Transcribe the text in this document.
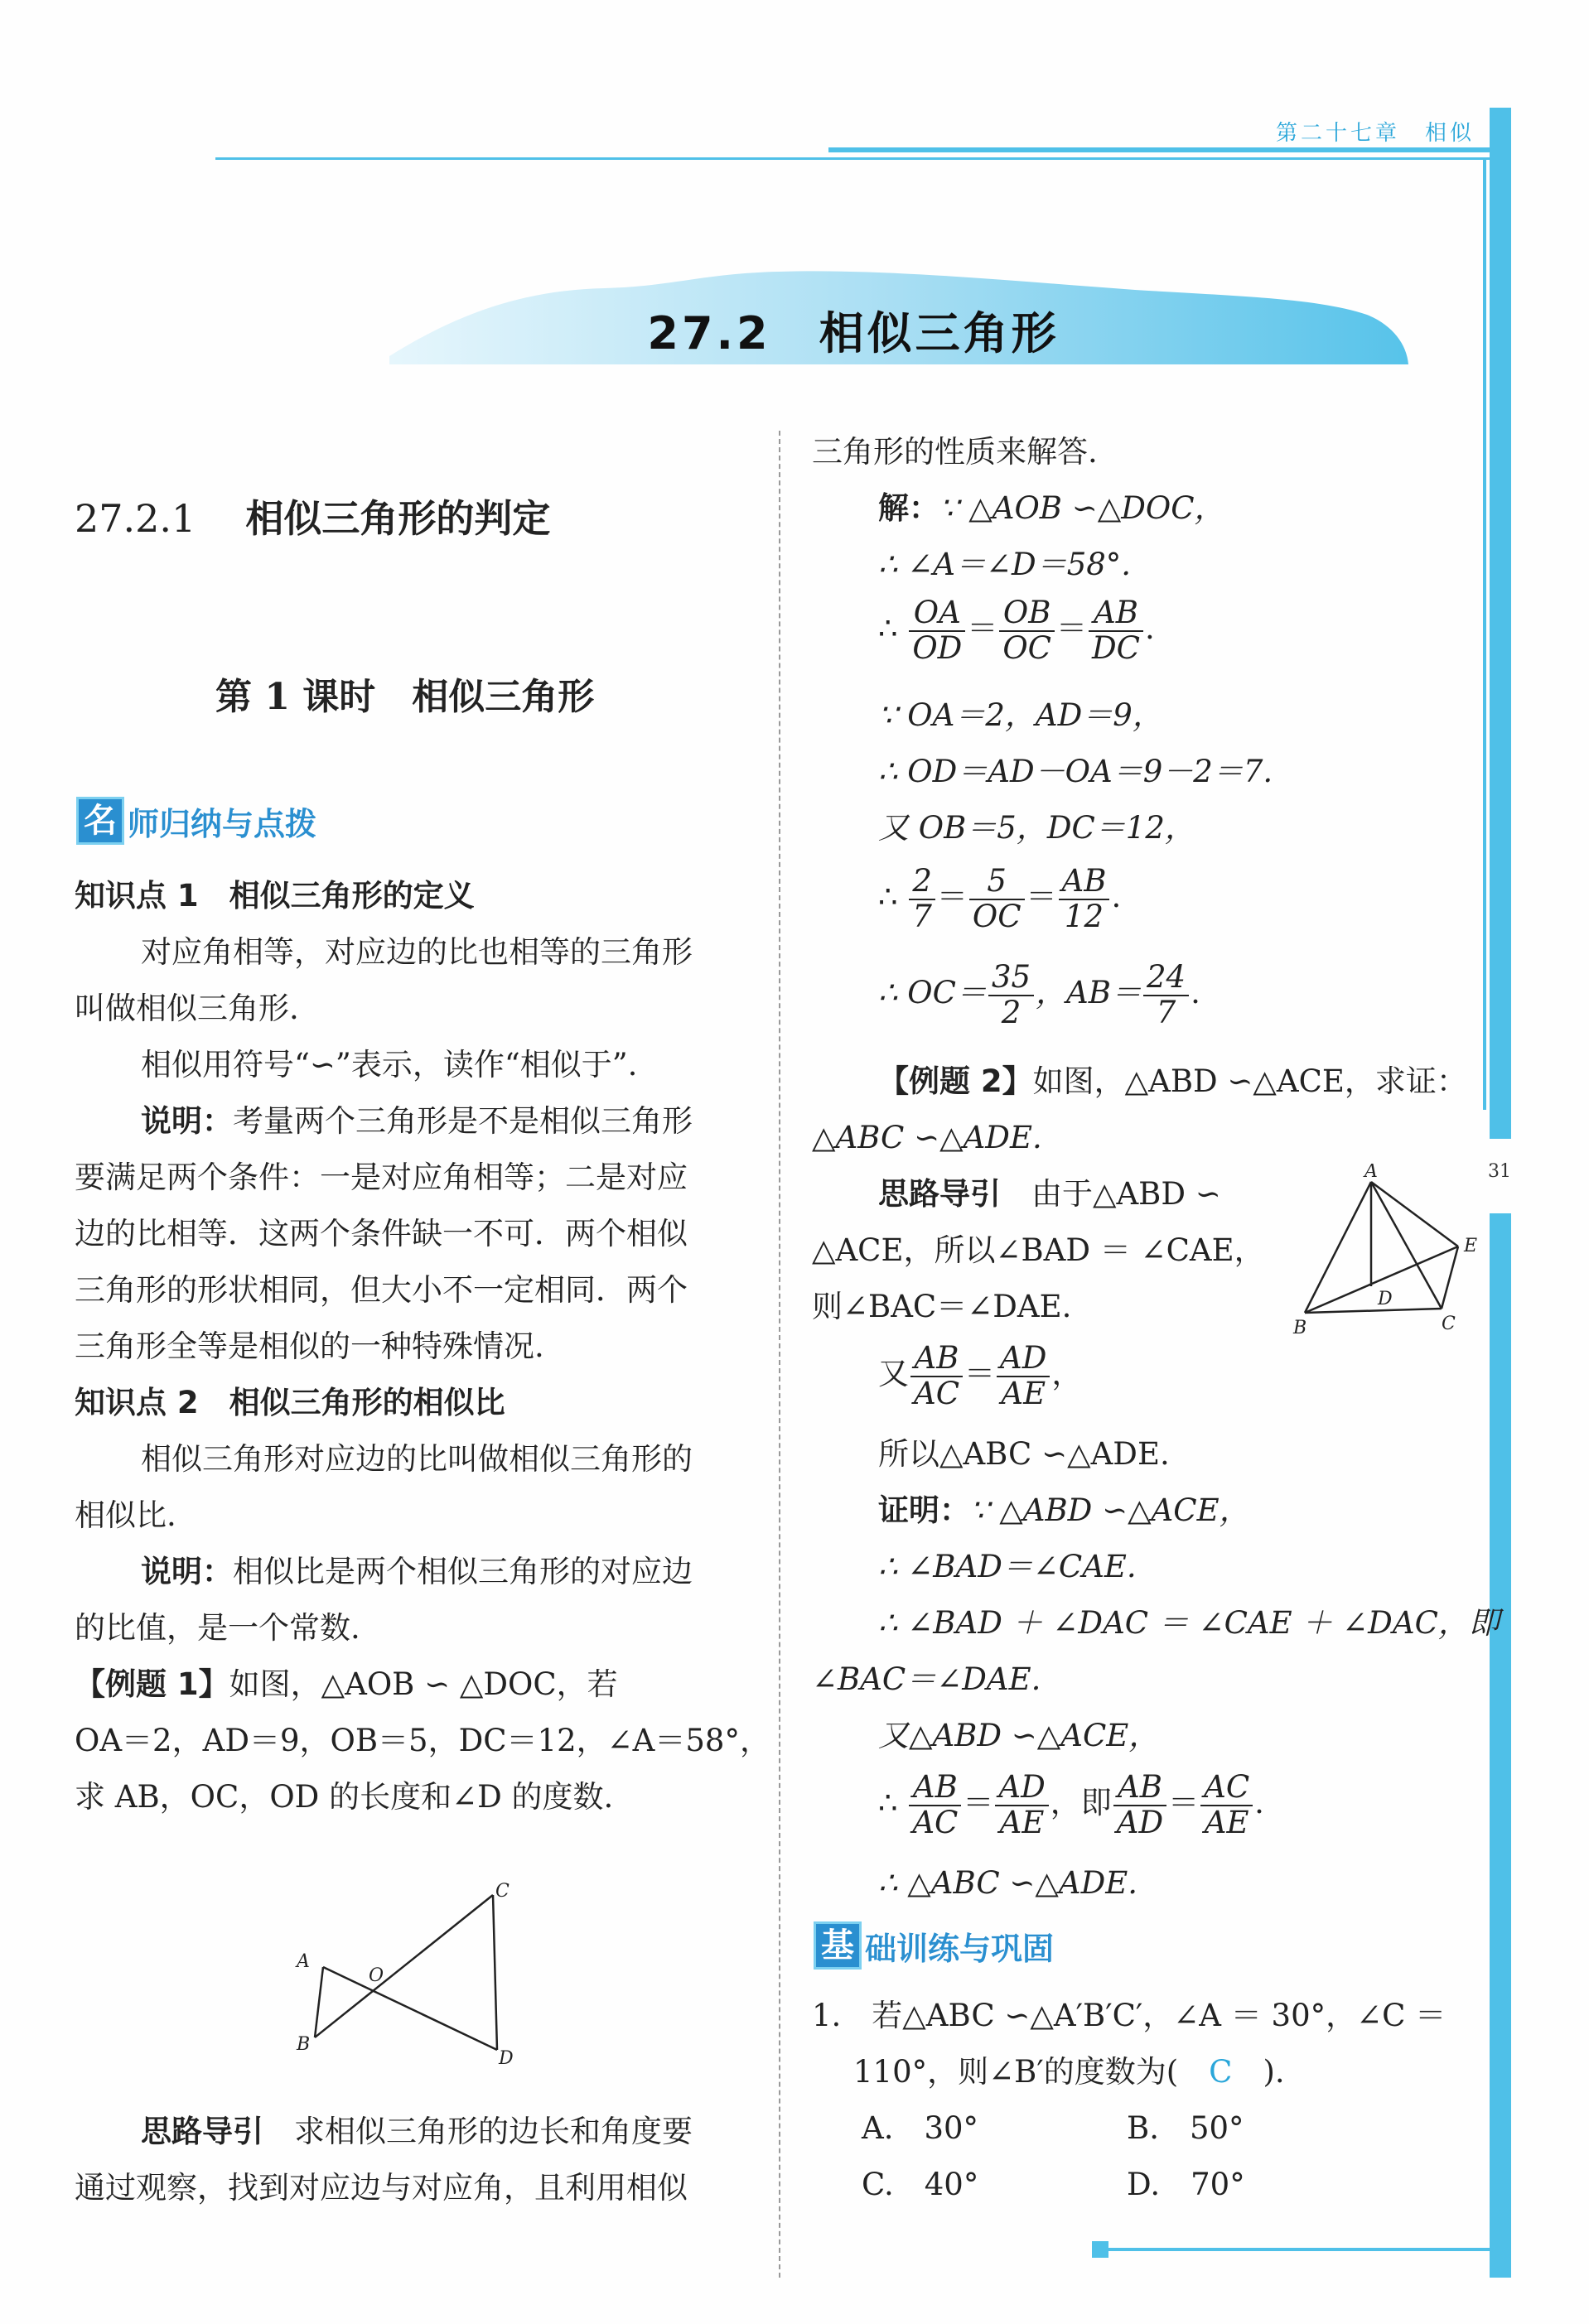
第二十七章　相似
31
27.2　相似三角形
27.2.1 相似三角形的判定
第 1 课时　相似三角形
名 师归纳与点拨
知识点 1　相似三角形的定义
对应角相等，对应边的比也相等的三角形
叫做相似三角形.
相似用符号“∽”表示，读作“相似于”.
说明：考量两个三角形是不是相似三角形
要满足两个条件：一是对应角相等；二是对应
边的比相等．这两个条件缺一不可．两个相似
三角形的形状相同，但大小不一定相同．两个
三角形全等是相似的一种特殊情况.
知识点 2　相似三角形的相似比
相似三角形对应边的比叫做相似三角形的
相似比.
说明：相似比是两个相似三角形的对应边
的比值，是一个常数.
【例题 1】如图，△AOB ∽ △DOC，若
OA＝2，AD＝9，OB＝5，DC＝12，∠A＝58°，
求 AB，OC，OD 的长度和∠D 的度数.
思路导引　 求相似三角形的边长和角度要
通过观察，找到对应边与对应角，且利用相似
A
B
C
D
O
三角形的性质来解答.
解：∵ △AOB ∽△DOC，
∴ ∠A＝∠D＝58°.
∴ $\frac{OA}{OD} = \frac{OB}{OC} = \frac{AB}{DC}$ .
∵ OA＝2，AD＝9，
∴ OD＝AD－OA＝9－2＝7.
又 OB＝5，DC＝12，
∴ $\frac{2}{7} = \frac{5}{OC} = \frac{AB}{12}$ .
∴ $OC= \frac{35}{2}$ ，$AB= \frac{24}{7}$ .
【例题 2】如图，△ABD ∽△ACE，求证：
△ABC ∽△ADE.
思路导引　 由于△ABD ∽
△ACE，所以∠BAD ＝ ∠CAE，
则∠BAC＝∠DAE.
又 $\frac{AB}{AC} = \frac{AD}{AE}$ ，
所以△ABC ∽△ADE.
证明：∵ △ABD ∽△ACE，
∴ ∠BAD＝∠CAE.
∴ ∠BAD ＋ ∠DAC ＝ ∠CAE ＋ ∠DAC，即
∠BAC＝∠DAE.
又△ABD ∽△ACE，
∴ $\frac{AB}{AC} = \frac{AD}{AE}$ ，即 $\frac{AB}{AD} = \frac{AC}{AE}$ .
∴ △ABC ∽△ADE.
1.　若△ABC ∽△A′B′C′，∠A ＝ 30°，∠C ＝
110°，则∠B′的度数为(　 C　 ).
A.　30°	B.　50°
C.　40°	D.　70°
基 础训练与巩固
A
B	C
D
E
